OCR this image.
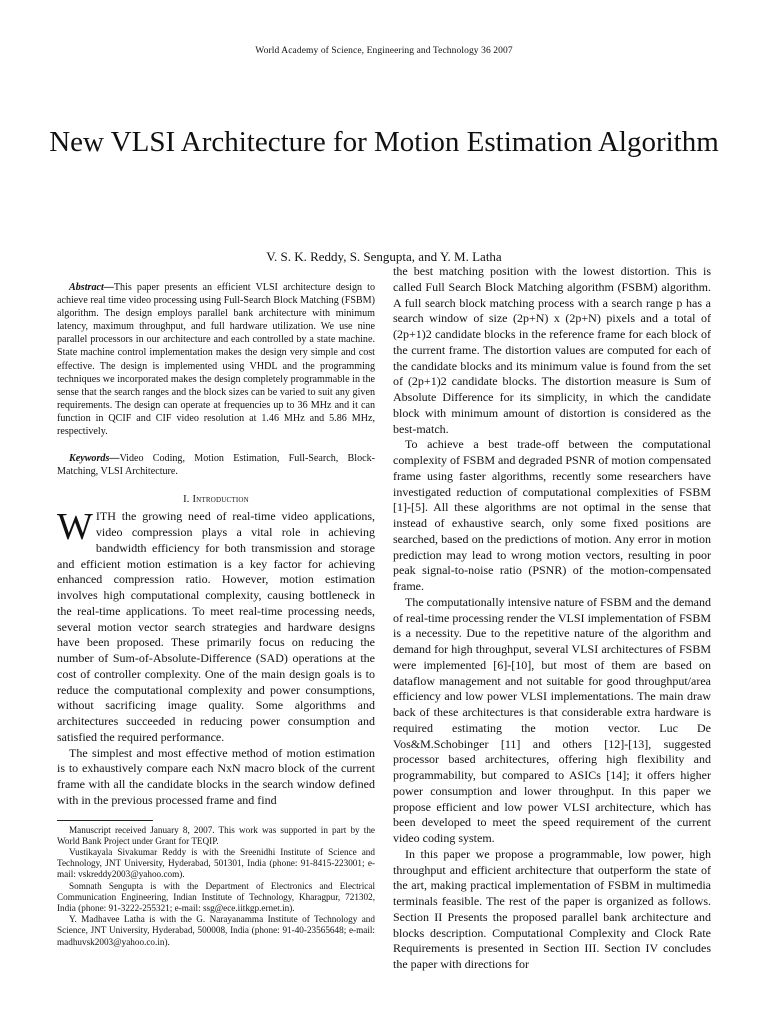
World Academy of Science, Engineering and Technology 36 2007
New VLSI Architecture for Motion Estimation Algorithm
V. S. K. Reddy, S. Sengupta, and Y. M. Latha

Abstract—This paper presents an efficient VLSI architecture design to achieve real time video processing using Full-Search Block Matching (FSBM) algorithm. The design employs parallel bank architecture with minimum latency, maximum throughput, and full hardware utilization. We use nine parallel processors in our architecture and each controlled by a state machine. State machine control implementation makes the design very simple and cost effective. The design is implemented using VHDL and the programming techniques we incorporated makes the design completely programmable in the sense that the search ranges and the block sizes can be varied to suit any given requirements. The design can operate at frequencies up to 36 MHz and it can function in QCIF and CIF video resolution at 1.46 MHz and 5.86 MHz, respectively.

Keywords—Video Coding, Motion Estimation, Full-Search, Block-Matching, VLSI Architecture.

I. Introduction

WITH the growing need of real-time video applications, video compression plays a vital role in achieving bandwidth efficiency for both transmission and storage and efficient motion estimation is a key factor for achieving enhanced compression ratio. However, motion estimation involves high computational complexity, causing bottleneck in the real-time applications. To meet real-time processing needs, several motion vector search strategies and hardware designs have been proposed. These primarily focus on reducing the number of Sum-of-Absolute-Difference (SAD) operations at the cost of controller complexity. One of the main design goals is to reduce the computational complexity and power consumptions, without sacrificing image quality. Some algorithms and architectures succeeded in reducing power consumption and satisfied the required performance.

The simplest and most effective method of motion estimation is to exhaustively compare each NxN macro block of the current frame with all the candidate blocks in the search window defined with in the previous processed frame and find

Manuscript received January 8, 2007. This work was supported in part by the World Bank Project under Grant for TEQIP.

Vustikayala Sivakumar Reddy is with the Sreenidhi Institute of Science and Technology, JNT University, Hyderabad, 501301, India (phone: 91-8415-223001; e-mail: vskreddy2003@yahoo.com).

Somnath Sengupta is with the Department of Electronics and Electrical Communication Engineering, Indian Institute of Technology, Kharagpur, 721302, India (phone: 91-3222-255321; e-mail: ssg@ece.iitkgp.ernet.in).

Y. Madhavee Latha is with the G. Narayanamma Institute of Technology and Science, JNT University, Hyderabad, 500008, India (phone: 91-40-23565648; e-mail: madhuvsk2003@yahoo.co.in).

the best matching position with the lowest distortion. This is called Full Search Block Matching algorithm (FSBM) algorithm. A full search block matching process with a search range p has a search window of size (2p+N) x (2p+N) pixels and a total of (2p+1)2 candidate blocks in the reference frame for each block of the current frame. The distortion values are computed for each of the candidate blocks and its minimum value is found from the set of (2p+1)2 candidate blocks. The distortion measure is Sum of Absolute Difference for its simplicity, in which the candidate block with minimum amount of distortion is considered as the best-match.

To achieve a best trade-off between the computational complexity of FSBM and degraded PSNR of motion compensated frame using faster algorithms, recently some researchers have investigated reduction of computational complexities of FSBM [1]-[5]. All these algorithms are not optimal in the sense that instead of exhaustive search, only some fixed positions are searched, based on the predictions of motion. Any error in motion prediction may lead to wrong motion vectors, resulting in poor peak signal-to-noise ratio (PSNR) of the motion-compensated frame.

The computationally intensive nature of FSBM and the demand of real-time processing render the VLSI implementation of FSBM is a necessity. Due to the repetitive nature of the algorithm and demand for high throughput, several VLSI architectures of FSBM were implemented [6]-[10], but most of them are based on dataflow management and not suitable for good throughput/area efficiency and low power VLSI implementations. The main draw back of these architectures is that considerable extra hardware is required estimating the motion vector. Luc De Vos&M.Schobinger [11] and others [12]-[13], suggested processor based architectures, offering high flexibility and programmability, but compared to ASICs [14]; it offers higher power consumption and lower throughput. In this paper we propose efficient and low power VLSI architecture, which has been developed to meet the speed requirement of the current video coding system.

In this paper we propose a programmable, low power, high throughput and efficient architecture that outperform the state of the art, making practical implementation of FSBM in multimedia terminals feasible. The rest of the paper is organized as follows. Section II Presents the proposed parallel bank architecture and blocks description. Computational Complexity and Clock Rate Requirements is presented in Section III. Section IV concludes the paper with directions for
